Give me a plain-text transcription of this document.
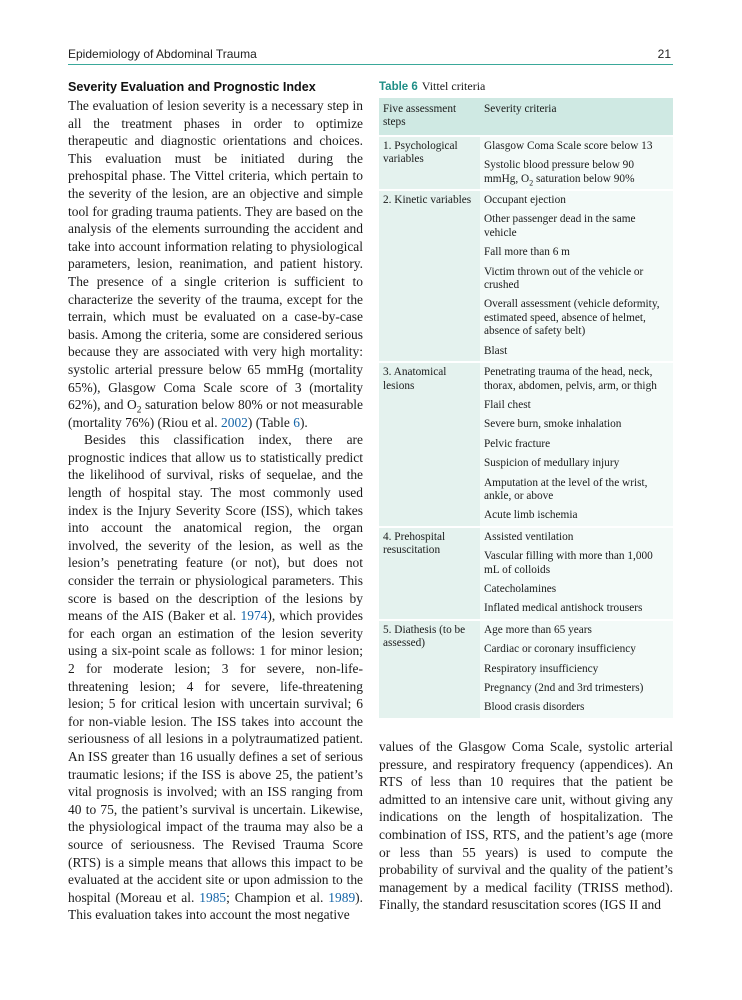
Epidemiology of Abdominal Trauma	21
Severity Evaluation and Prognostic Index

The evaluation of lesion severity is a necessary step in all the treatment phases in order to optimize therapeutic and diagnostic orientations and choices. This evaluation must be initiated during the prehospital phase. The Vittel criteria, which pertain to the severity of the lesion, are an objective and simple tool for grading trauma patients. They are based on the analysis of the elements surrounding the accident and take into account information relating to physiological parameters, lesion, reanimation, and patient history. The presence of a single criterion is sufficient to characterize the severity of the trauma, except for the terrain, which must be evaluated on a case-by-case basis. Among the criteria, some are considered serious because they are associated with very high mortality: systolic arterial pressure below 65 mmHg (mortality 65%), Glasgow Coma Scale score of 3 (mortality 62%), and $O_2$ saturation below 80% or not measurable (mortality 76%) (Riou et al. 2002) (Table 6).

Besides this classification index, there are prognostic indices that allow us to statistically predict the likelihood of survival, risks of sequelae, and the length of hospital stay. The most commonly used index is the Injury Severity Score (ISS), which takes into account the anatomical region, the organ involved, the severity of the lesion, as well as the lesion’s penetrating feature (or not), but does not consider the terrain or physiological parameters. This score is based on the description of the lesions by means of the AIS (Baker et al. 1974), which provides for each organ an estimation of the lesion severity using a six-point scale as follows: 1 for minor lesion; 2 for moderate lesion; 3 for severe, non-life-threatening lesion; 4 for severe, life-threatening lesion; 5 for critical lesion with uncertain survival; 6 for non-viable lesion. The ISS takes into account the seriousness of all lesions in a polytraumatized patient. An ISS greater than 16 usually defines a set of serious traumatic lesions; if the ISS is above 25, the patient’s vital prognosis is involved; with an ISS ranging from 40 to 75, the patient’s survival is uncertain. Likewise, the physiological impact of the trauma may also be a source of seriousness. The Revised Trauma Score (RTS) is a simple means that allows this impact to be evaluated at the accident site or upon admission to the hospital (Moreau et al. 1985; Champion et al. 1989). This evaluation takes into account the most negative

Table 6 Vittel criteria
Five assessment steps	Severity criteria
1. Psychological variables	Glasgow Coma Scale score below 13
	Systolic blood pressure below 90 mmHg, $O_2$ saturation below 90%
2. Kinetic variables	Occupant ejection
	Other passenger dead in the same vehicle
	Fall more than 6 m
	Victim thrown out of the vehicle or crushed
	Overall assessment (vehicle deformity, estimated speed, absence of helmet, absence of safety belt)
	Blast
3. Anatomical lesions	Penetrating trauma of the head, neck, thorax, abdomen, pelvis, arm, or thigh
	Flail chest
	Severe burn, smoke inhalation
	Pelvic fracture
	Suspicion of medullary injury
	Amputation at the level of the wrist, ankle, or above
	Acute limb ischemia
4. Prehospital resuscitation	Assisted ventilation
	Vascular filling with more than 1,000 mL of colloids
	Catecholamines
	Inflated medical antishock trousers
5. Diathesis (to be assessed)	Age more than 65 years
	Cardiac or coronary insufficiency
	Respiratory insufficiency
	Pregnancy (2nd and 3rd trimesters)
	Blood crasis disorders

values of the Glasgow Coma Scale, systolic arterial pressure, and respiratory frequency (appendices). An RTS of less than 10 requires that the patient be admitted to an intensive care unit, without giving any indications on the length of hospitalization. The combination of ISS, RTS, and the patient’s age (more or less than 55 years) is used to compute the probability of survival and the quality of the patient’s management by a medical facility (TRISS method). Finally, the standard resuscitation scores (IGS II and
